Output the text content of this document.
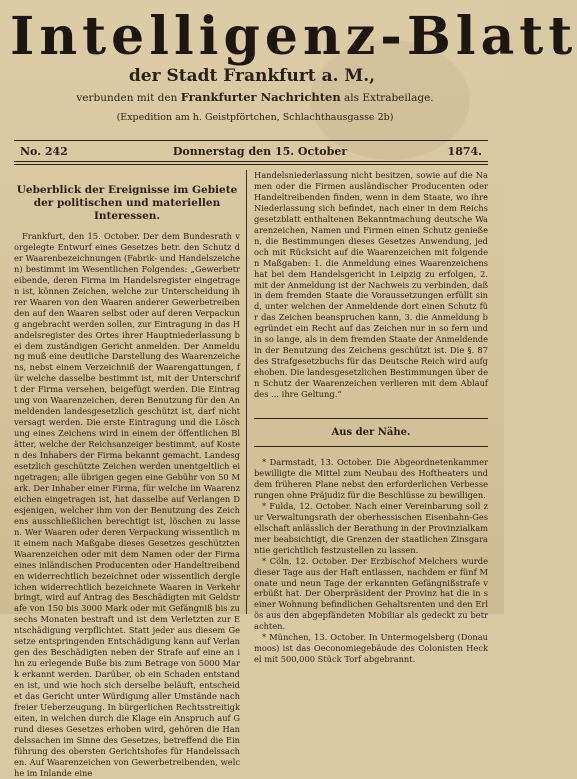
Intelligenz-Blatt
der Stadt Frankfurt a. M.,
verbunden mit den Frankfurter Nachrichten als Extrabeilage.
(Expedition am h. Geistpförtchen, Schlachthausgasse 2b)
No. 242	Donnerstag den 15. October	1874.
Ueberblick der Ereignisse im Gebiete der politischen und materiellen Interessen.

Frankfurt, den 15. October. Der dem Bundesrath vorgelegte Entwurf eines Gesetzes betr. den Schutz der Waarenbezeichnungen (Fabrik- und Handelszeichen) bestimmt im Wesentlichen Folgendes: „Gewerbetreibende, deren Firma im Handelsregister eingetragen ist, können Zeichen, welche zur Unterscheidung ihrer Waaren von den Waaren anderer Gewerbetreibenden auf den Waaren selbst oder auf deren Verpackung angebracht werden sollen, zur Eintragung in das Handelsregister des Ortes ihrer Hauptniederlassung bei dem zuständigen Gericht anmelden. Der Anmeldung muß eine deutliche Darstellung des Waarenzeichens, nebst einem Verzeichniß der Waarengattungen, für welche dasselbe bestimmt ist, mit der Unterschrift der Firma versehen, beigefügt werden. Die Eintragung von Waarenzeichen, deren Benutzung für den Anmeldenden landesgesetzlich geschützt ist, darf nicht versagt werden. Die erste Eintragung und die Löschung eines Zeichens wird in einem der öffentlichen Blätter, welche der Reichsanzeiger bestimmt, auf Kosten des Inhabers der Firma bekannt gemacht. Landesgesetzlich geschützte Zeichen werden unentgeltlich eingetragen; alle übrigen gegen eine Gebühr von 50 Mark. Der Inhaber einer Firma, für welche im Waarenzeichen eingetragen ist, hat dasselbe auf Verlangen Desjenigen, welcher ihm von der Benutzung des Zeichens ausschließlichen berechtigt ist, löschen zu lassen. Wer Waaren oder deren Verpackung wissentlich mit einem nach Maßgabe dieses Gesetzes geschützten Waarenzeichen oder mit dem Namen oder der Firma eines inländischen Producenten oder Handeltreibenden widerrechtlich bezeichnet oder wissentlich dergleichen widerrechtlich bezeichnete Waaren in Verkehr bringt, wird auf Antrag des Beschädigten mit Geldstrafe von 150 bis 3000 Mark oder mit Gefängniß bis zu sechs Monaten bestraft und ist dem Verletzten zur Entschädigung verpflichtet. Statt jeder aus diesem Gesetze entspringenden Entschädigung kann auf Verlangen des Beschädigten neben der Strafe auf eine an ihn zu erlegende Buße bis zum Betrage von 5000 Mark erkannt werden. Darüber, ob ein Schaden entstanden ist, und wie hoch sich derselbe beläuft, entscheidet das Gericht unter Würdigung aller Umstände nach freier Ueberzeugung. In bürgerlichen Rechtsstreitigkeiten, in welchen durch die Klage ein Anspruch auf Grund dieses Gesetzes erhoben wird, gehören die Handelssachen im Sinne des Gesetzes, betreffend die Einführung des obersten Gerichtshofes für Handelssachen. Auf Waarenzeichen von Gewerbetreibenden, welche im Inlande eine

Handelsniederlassung nicht besitzen, sowie auf die Namen oder die Firmen ausländischer Producenten oder Handeltreibenden finden, wenn in dem Staate, wo ihre Niederlassung sich befindet, nach einer in dem Reichsgesetzblatt enthaltenen Bekanntmachung deutsche Waarenzeichen, Namen und Firmen einen Schutz genießen, die Bestimmungen dieses Gesetzes Anwendung, jedoch mit Rücksicht auf die Waarenzeichen mit folgenden Maßgaben: 1. die Anmeldung eines Waarenzeichens hat bei dem Handelsgericht in Leipzig zu erfolgen, 2. mit der Anmeldung ist der Nachweis zu verbinden, daß in dem fremden Staate die Voraussetzungen erfüllt sind, unter welchen der Anmeldende dort einen Schutz für das Zeichen beanspruchen kann, 3. die Anmeldung begründet ein Recht auf das Zeichen nur in so fern und in so lange, als in dem fremden Staate der Anmeldende in der Benutzung des Zeichens geschützt ist. Die §. 87 des Strafgesetzbuchs für das Deutsche Reich wird aufgehoben. Die landesgesetzlichen Bestimmungen über den Schutz der Waarenzeichen verlieren mit dem Ablauf des ... ihre Geltung.“

Aus der Nähe.

* Darmstadt, 13. October. Die Abgeordnetenkammer bewilligte die Mittel zum Neubau des Hoftheaters und dem früheren Plane nebst den erforderlichen Verbesserungen ohne Präjudiz für die Beschlüsse zu bewilligen.

* Fulda, 12. October. Nach einer Vereinbarung soll zur Verwaltungsrath der oberhessischen Eisenbahn-Gesellschaft anlässlich der Berathung in der Provinzialkammer beabsichtigt, die Grenzen der staatlichen Zinsgarantie gerichtlich festzustellen zu lassen.

* Cöln, 12. October. Der Erzbischof Melchers wurde dieser Tage aus der Haft entlassen, nachdem er fünf Monate und neun Tage der erkannten Gefängnißstrafe verbüßt hat. Der Oberpräsident der Provinz hat die in seiner Wohnung befindlichen Gehaltsrenten und den Erlös aus den abgepfändeten Mobiliar als gedeckt zu betrachten.

* München, 13. October. In Untermogelsberg (Donaumoos) ist das Oeconomiegebäude des Colonisten Heckel mit 500,000 Stück Torf abgebrannt.
